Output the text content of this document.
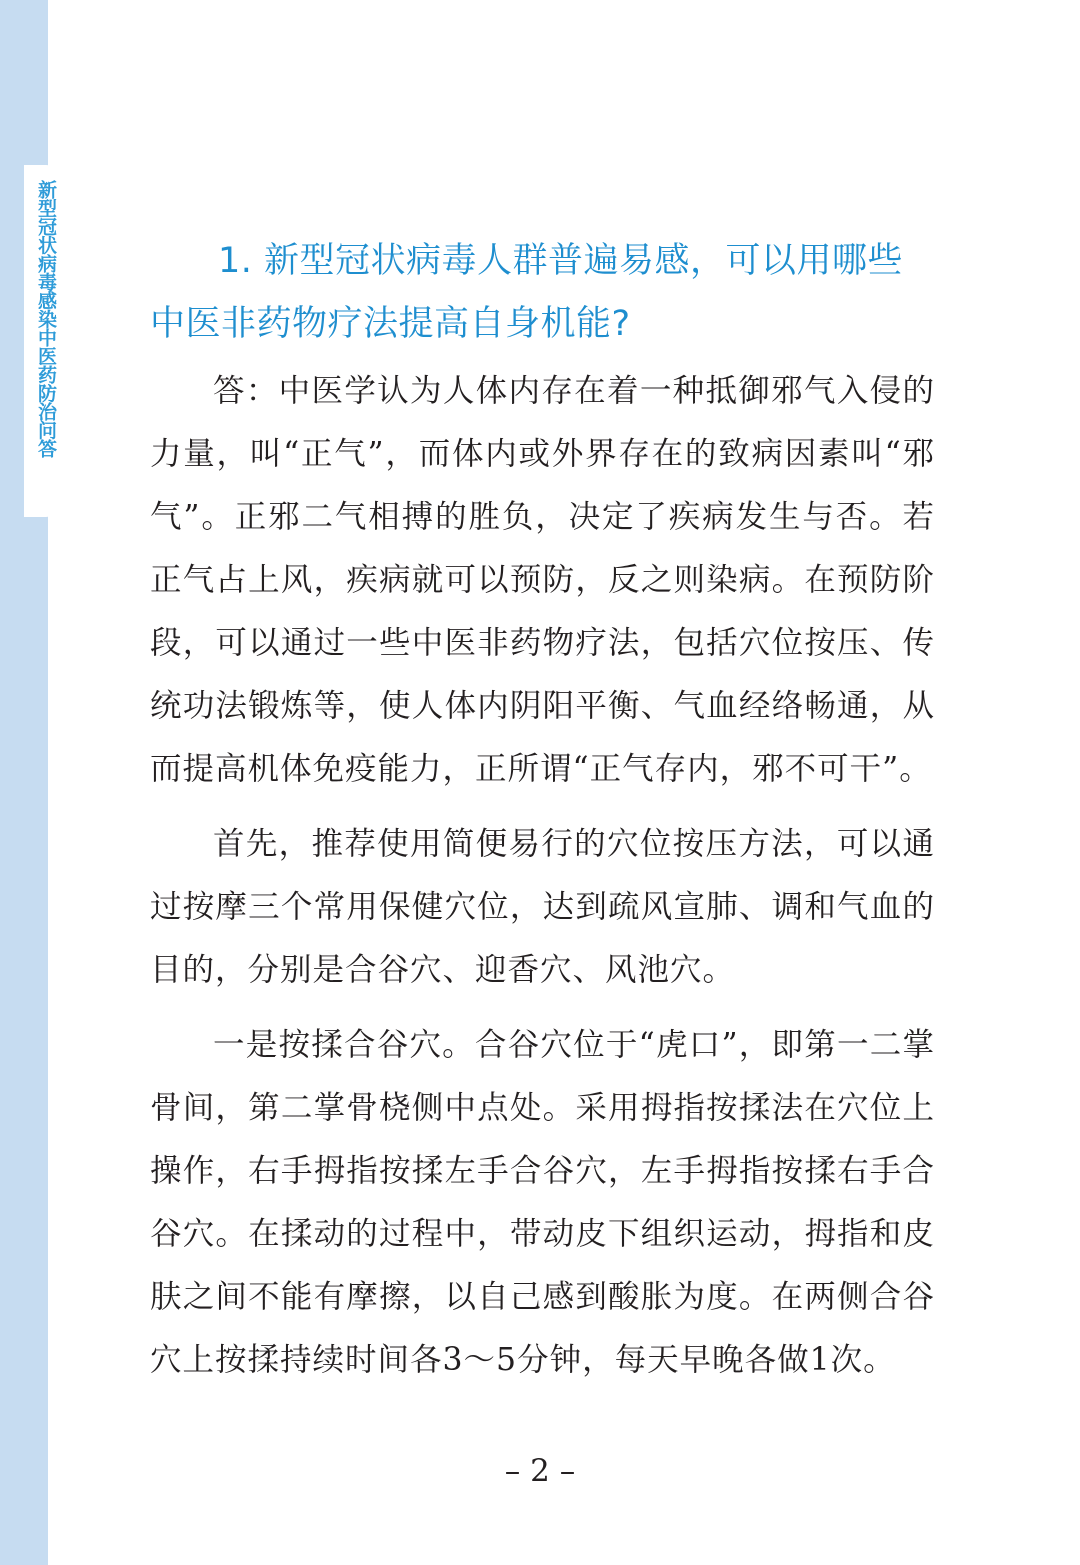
新型冠状病毒感染中医药防治问答	1. 新型冠状病毒人群普遍易感，可以用哪些中医非药物疗法提高自身机能?

答：中医学认为人体内存在着一种抵御邪气入侵的力量，叫“正气”，而体内或外界存在的致病因素叫“邪气”。正邪二气相搏的胜负，决定了疾病发生与否。若正气占上风，疾病就可以预防，反之则染病。在预防阶段，可以通过一些中医非药物疗法，包括穴位按压、传统功法锻炼等，使人体内阴阳平衡、气血经络畅通，从而提高机体免疫能力，正所谓“正气存内，邪不可干”。

首先，推荐使用简便易行的穴位按压方法，可以通过按摩三个常用保健穴位，达到疏风宣肺、调和气血的目的，分别是合谷穴、迎香穴、风池穴。

一是按揉合谷穴。合谷穴位于“虎口”，即第一二掌骨间，第二掌骨桡侧中点处。采用拇指按揉法在穴位上操作，右手拇指按揉左手合谷穴，左手拇指按揉右手合谷穴。在揉动的过程中，带动皮下组织运动，拇指和皮肤之间不能有摩擦，以自己感到酸胀为度。在两侧合谷穴上按揉持续时间各3～5分钟，每天早晚各做1次。

– 2 –
